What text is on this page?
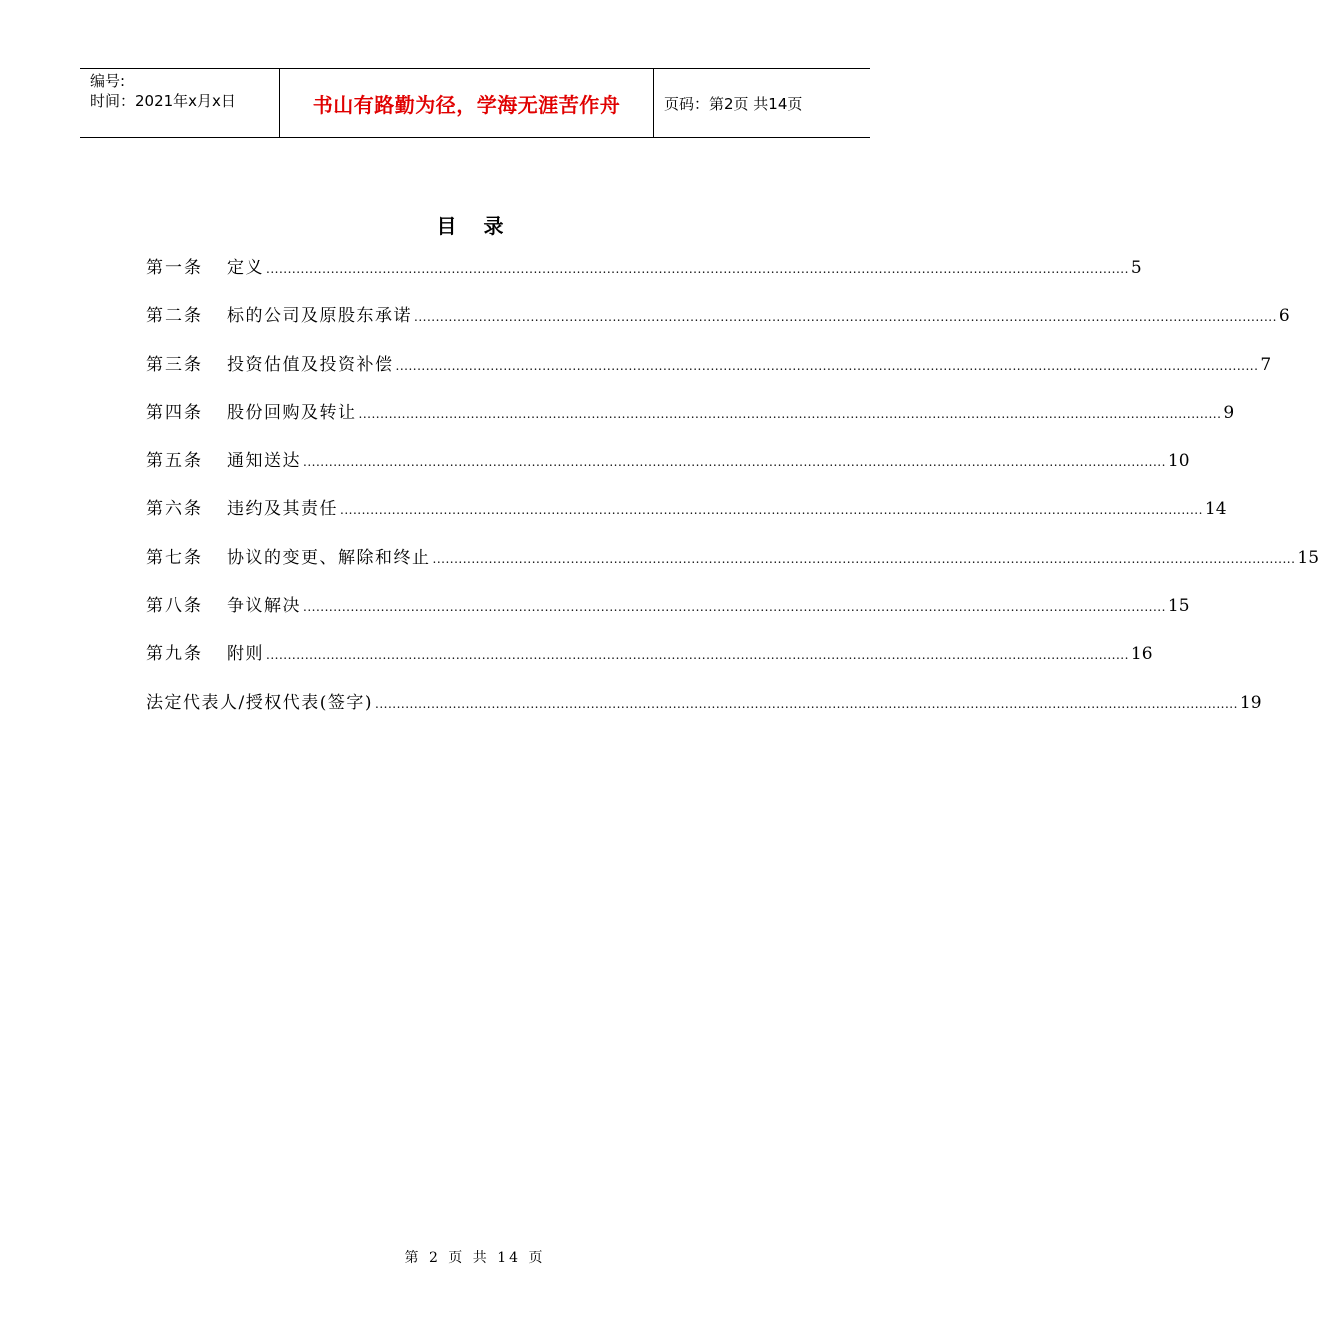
编号:
时间：2021年x月x日	书山有路勤为径，学海无涯苦作舟	页码：第2页 共14页
目 录
第一条 定义 ........................................................................................................................................................................................................ 5
第二条 标的公司及原股东承诺 ........................................................................................................................................................................................................ 6
第三条 投资估值及投资补偿 ........................................................................................................................................................................................................ 7
第四条 股份回购及转让 ........................................................................................................................................................................................................ 9
第五条 通知送达 ........................................................................................................................................................................................................ 10
第六条 违约及其责任 ........................................................................................................................................................................................................ 14
第七条 协议的变更、解除和终止 ........................................................................................................................................................................................................ 15
第八条 争议解决 ........................................................................................................................................................................................................ 15
第九条 附则 ........................................................................................................................................................................................................ 16
法定代表人/授权代表(签字) ........................................................................................................................................................................................................ 19
第 2 页 共 14 页
